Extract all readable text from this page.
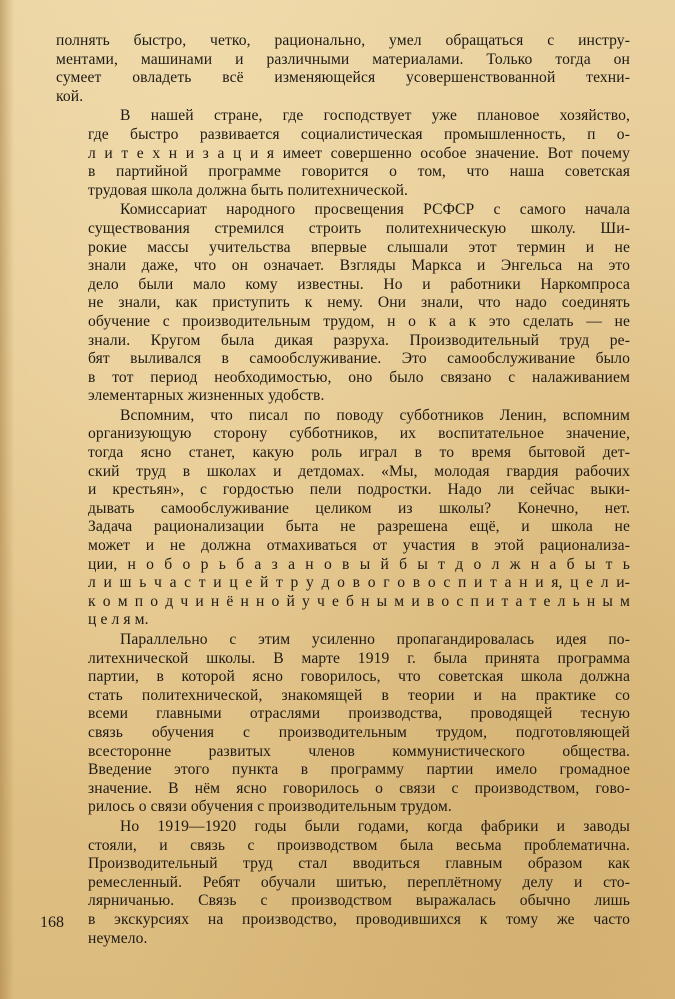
полнять быстро, четко, рационально, умел обращаться с инстру-
ментами, машинами и различными материалами. Только тогда он
сумеет овладеть всё изменяющейся усовершенствованной техни-
кой.

В нашей стране, где господствует уже плановое хозяйство,
где быстро развивается социалистическая промышленность, п о-
л и т е х н и з а ц и я имеет совершенно особое значение. Вот почему
в партийной программе говорится о том, что наша советская
трудовая школа должна быть политехнической.

Комиссариат народного просвещения РСФСР с самого начала
существования стремился строить политехническую школу. Ши-
рокие массы учительства впервые слышали этот термин и не
знали даже, что он означает. Взгляды Маркса и Энгельса на это
дело были мало кому известны. Но и работники Наркомпроса
не знали, как приступить к нему. Они знали, что надо соединять
обучение с производительным трудом, н о к а к это сделать — не
знали. Кругом была дикая разруха. Производительный труд ре-
бят выливался в самообслуживание. Это самообслуживание было
в тот период необходимостью, оно было связано с налаживанием
элементарных жизненных удобств.

Вспомним, что писал по поводу субботников Ленин, вспомним
организующую сторону субботников, их воспитательное значение,
тогда ясно станет, какую роль играл в то время бытовой дет-
ский труд в школах и детдомах. «Мы, молодая гвардия рабочих
и крестьян», с гордостью пели подростки. Надо ли сейчас выки-
дывать самообслуживание целиком из школы? Конечно, нет.
Задача рационализации быта не разрешена ещё, и школа не
может и не должна отмахиваться от участия в этой рационализа-
ции, н о б о р ь б а з а н о в ы й б ы т д о л ж н а б ы т ь
л и ш ь ч а с т и ц е й т р у д о в о г о в о с п и т а н и я, ц е л и-
к о м п о д ч и н ё н н о й у ч е б н ы м и в о с п и т а т е л ь н ы м
ц е л я м.

Параллельно с этим усиленно пропагандировалась идея по-
литехнической школы. В марте 1919 г. была принята программа
партии, в которой ясно говорилось, что советская школа должна
стать политехнической, знакомящей в теории и на практике со
всеми главными отраслями производства, проводящей тесную
связь обучения с производительным трудом, подготовляющей
всесторонне развитых членов коммунистического общества.
Введение этого пункта в программу партии имело громадное
значение. В нём ясно говорилось о связи с производством, гово-
рилось о связи обучения с производительным трудом.

Но 1919—1920 годы были годами, когда фабрики и заводы
стояли, и связь с производством была весьма проблематична.
Производительный труд стал вводиться главным образом как
ремесленный. Ребят обучали шитью, переплётному делу и сто-
лярничанью. Связь с производством выражалась обычно лишь
в экскурсиях на производство, проводившихся к тому же часто
неумело.

168
